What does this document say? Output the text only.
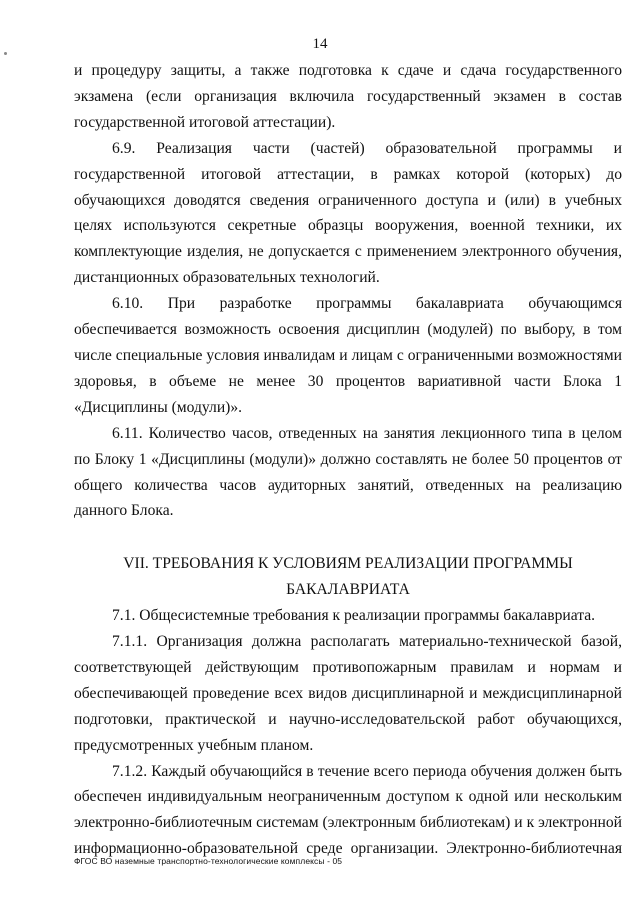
14

и процедуру защиты, а также подготовка к сдаче и сдача государственного экзамена (если организация включила государственный экзамен в состав государственной итоговой аттестации).

6.9. Реализация части (частей) образовательной программы и государственной итоговой аттестации, в рамках которой (которых) до обучающихся доводятся сведения ограниченного доступа и (или) в учебных целях используются секретные образцы вооружения, военной техники, их комплектующие изделия, не допускается с применением электронного обучения, дистанционных образовательных технологий.

6.10. При разработке программы бакалавриата обучающимся обеспечивается возможность освоения дисциплин (модулей) по выбору, в том числе специальные условия инвалидам и лицам с ограниченными возможностями здоровья, в объеме не менее 30 процентов вариативной части Блока 1 «Дисциплины (модули)».

6.11. Количество часов, отведенных на занятия лекционного типа в целом по Блоку 1 «Дисциплины (модули)» должно составлять не более 50 процентов от общего количества часов аудиторных занятий, отведенных на реализацию данного Блока.

VII. ТРЕБОВАНИЯ К УСЛОВИЯМ РЕАЛИЗАЦИИ ПРОГРАММЫ
БАКАЛАВРИАТА

7.1. Общесистемные требования к реализации программы бакалавриата.

7.1.1. Организация должна располагать материально-технической базой, соответствующей действующим противопожарным правилам и нормам и обеспечивающей проведение всех видов дисциплинарной и междисциплинарной подготовки, практической и научно-исследовательской работ обучающихся, предусмотренных учебным планом.

7.1.2. Каждый обучающийся в течение всего периода обучения должен быть обеспечен индивидуальным неограниченным доступом к одной или нескольким электронно-библиотечным системам (электронным библиотекам) и к электронной информационно-образовательной среде организации. Электронно-библиотечная

ФГОС ВО наземные транспортно-технологические комплексы - 05
